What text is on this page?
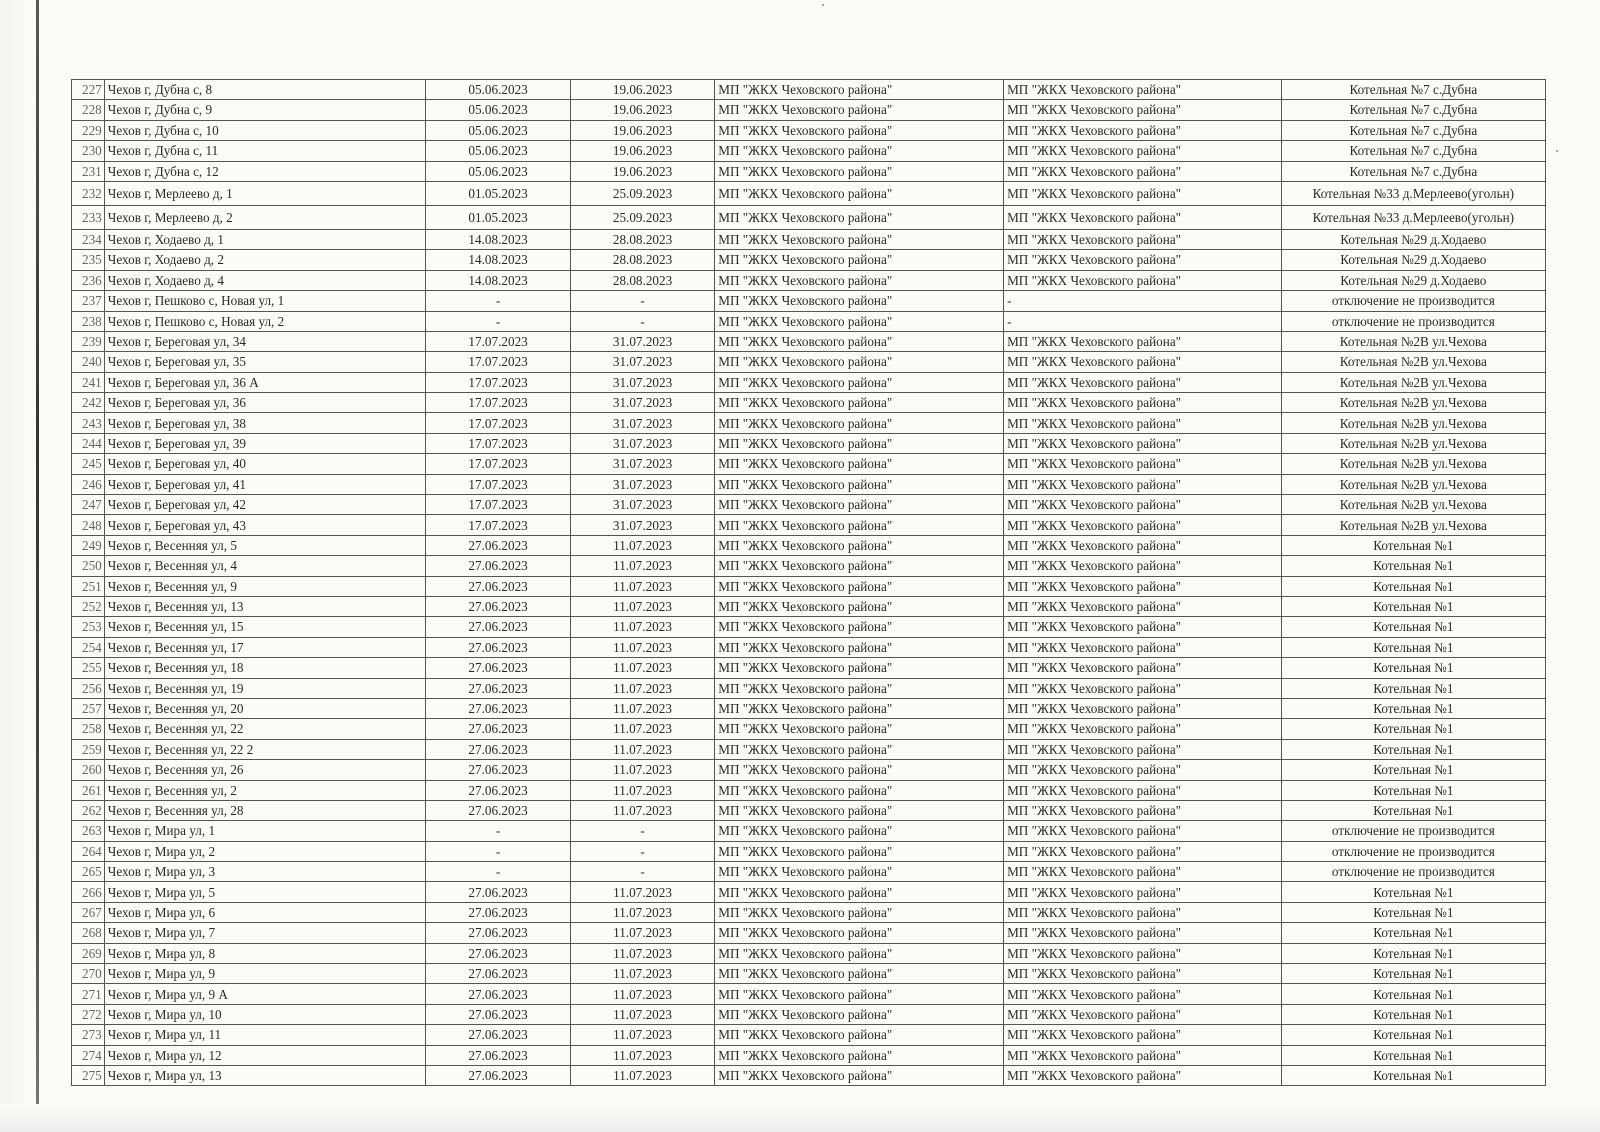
227	Чехов г, Дубна с, 8	05.06.2023	19.06.2023	МП "ЖКХ Чеховского района"	МП "ЖКХ Чеховского района"	Котельная №7 с.Дубна
228	Чехов г, Дубна с, 9	05.06.2023	19.06.2023	МП "ЖКХ Чеховского района"	МП "ЖКХ Чеховского района"	Котельная №7 с.Дубна
229	Чехов г, Дубна с, 10	05.06.2023	19.06.2023	МП "ЖКХ Чеховского района"	МП "ЖКХ Чеховского района"	Котельная №7 с.Дубна
230	Чехов г, Дубна с, 11	05.06.2023	19.06.2023	МП "ЖКХ Чеховского района"	МП "ЖКХ Чеховского района"	Котельная №7 с.Дубна
231	Чехов г, Дубна с, 12	05.06.2023	19.06.2023	МП "ЖКХ Чеховского района"	МП "ЖКХ Чеховского района"	Котельная №7 с.Дубна
232	Чехов г, Мерлеево д, 1	01.05.2023	25.09.2023	МП "ЖКХ Чеховского района"	МП "ЖКХ Чеховского района"	Котельная №33 д.Мерлеево(угольн)
233	Чехов г, Мерлеево д, 2	01.05.2023	25.09.2023	МП "ЖКХ Чеховского района"	МП "ЖКХ Чеховского района"	Котельная №33 д.Мерлеево(угольн)
234	Чехов г, Ходаево д, 1	14.08.2023	28.08.2023	МП "ЖКХ Чеховского района"	МП "ЖКХ Чеховского района"	Котельная №29 д.Ходаево
235	Чехов г, Ходаево д, 2	14.08.2023	28.08.2023	МП "ЖКХ Чеховского района"	МП "ЖКХ Чеховского района"	Котельная №29 д.Ходаево
236	Чехов г, Ходаево д, 4	14.08.2023	28.08.2023	МП "ЖКХ Чеховского района"	МП "ЖКХ Чеховского района"	Котельная №29 д.Ходаево
237	Чехов г, Пешково с, Новая ул, 1	-	-	МП "ЖКХ Чеховского района"	-	отключение не производится
238	Чехов г, Пешково с, Новая ул, 2	-	-	МП "ЖКХ Чеховского района"	-	отключение не производится
239	Чехов г, Береговая ул, 34	17.07.2023	31.07.2023	МП "ЖКХ Чеховского района"	МП "ЖКХ Чеховского района"	Котельная №2В ул.Чехова
240	Чехов г, Береговая ул, 35	17.07.2023	31.07.2023	МП "ЖКХ Чеховского района"	МП "ЖКХ Чеховского района"	Котельная №2В ул.Чехова
241	Чехов г, Береговая ул, 36 А	17.07.2023	31.07.2023	МП "ЖКХ Чеховского района"	МП "ЖКХ Чеховского района"	Котельная №2В ул.Чехова
242	Чехов г, Береговая ул, 36	17.07.2023	31.07.2023	МП "ЖКХ Чеховского района"	МП "ЖКХ Чеховского района"	Котельная №2В ул.Чехова
243	Чехов г, Береговая ул, 38	17.07.2023	31.07.2023	МП "ЖКХ Чеховского района"	МП "ЖКХ Чеховского района"	Котельная №2В ул.Чехова
244	Чехов г, Береговая ул, 39	17.07.2023	31.07.2023	МП "ЖКХ Чеховского района"	МП "ЖКХ Чеховского района"	Котельная №2В ул.Чехова
245	Чехов г, Береговая ул, 40	17.07.2023	31.07.2023	МП "ЖКХ Чеховского района"	МП "ЖКХ Чеховского района"	Котельная №2В ул.Чехова
246	Чехов г, Береговая ул, 41	17.07.2023	31.07.2023	МП "ЖКХ Чеховского района"	МП "ЖКХ Чеховского района"	Котельная №2В ул.Чехова
247	Чехов г, Береговая ул, 42	17.07.2023	31.07.2023	МП "ЖКХ Чеховского района"	МП "ЖКХ Чеховского района"	Котельная №2В ул.Чехова
248	Чехов г, Береговая ул, 43	17.07.2023	31.07.2023	МП "ЖКХ Чеховского района"	МП "ЖКХ Чеховского района"	Котельная №2В ул.Чехова
249	Чехов г, Весенняя ул, 5	27.06.2023	11.07.2023	МП "ЖКХ Чеховского района"	МП "ЖКХ Чеховского района"	Котельная №1
250	Чехов г, Весенняя ул, 4	27.06.2023	11.07.2023	МП "ЖКХ Чеховского района"	МП "ЖКХ Чеховского района"	Котельная №1
251	Чехов г, Весенняя ул, 9	27.06.2023	11.07.2023	МП "ЖКХ Чеховского района"	МП "ЖКХ Чеховского района"	Котельная №1
252	Чехов г, Весенняя ул, 13	27.06.2023	11.07.2023	МП "ЖКХ Чеховского района"	МП "ЖКХ Чеховского района"	Котельная №1
253	Чехов г, Весенняя ул, 15	27.06.2023	11.07.2023	МП "ЖКХ Чеховского района"	МП "ЖКХ Чеховского района"	Котельная №1
254	Чехов г, Весенняя ул, 17	27.06.2023	11.07.2023	МП "ЖКХ Чеховского района"	МП "ЖКХ Чеховского района"	Котельная №1
255	Чехов г, Весенняя ул, 18	27.06.2023	11.07.2023	МП "ЖКХ Чеховского района"	МП "ЖКХ Чеховского района"	Котельная №1
256	Чехов г, Весенняя ул, 19	27.06.2023	11.07.2023	МП "ЖКХ Чеховского района"	МП "ЖКХ Чеховского района"	Котельная №1
257	Чехов г, Весенняя ул, 20	27.06.2023	11.07.2023	МП "ЖКХ Чеховского района"	МП "ЖКХ Чеховского района"	Котельная №1
258	Чехов г, Весенняя ул, 22	27.06.2023	11.07.2023	МП "ЖКХ Чеховского района"	МП "ЖКХ Чеховского района"	Котельная №1
259	Чехов г, Весенняя ул, 22 2	27.06.2023	11.07.2023	МП "ЖКХ Чеховского района"	МП "ЖКХ Чеховского района"	Котельная №1
260	Чехов г, Весенняя ул, 26	27.06.2023	11.07.2023	МП "ЖКХ Чеховского района"	МП "ЖКХ Чеховского района"	Котельная №1
261	Чехов г, Весенняя ул, 2	27.06.2023	11.07.2023	МП "ЖКХ Чеховского района"	МП "ЖКХ Чеховского района"	Котельная №1
262	Чехов г, Весенняя ул, 28	27.06.2023	11.07.2023	МП "ЖКХ Чеховского района"	МП "ЖКХ Чеховского района"	Котельная №1
263	Чехов г, Мира ул, 1	-	-	МП "ЖКХ Чеховского района"	МП "ЖКХ Чеховского района"	отключение не производится
264	Чехов г, Мира ул, 2	-	-	МП "ЖКХ Чеховского района"	МП "ЖКХ Чеховского района"	отключение не производится
265	Чехов г, Мира ул, 3	-	-	МП "ЖКХ Чеховского района"	МП "ЖКХ Чеховского района"	отключение не производится
266	Чехов г, Мира ул, 5	27.06.2023	11.07.2023	МП "ЖКХ Чеховского района"	МП "ЖКХ Чеховского района"	Котельная №1
267	Чехов г, Мира ул, 6	27.06.2023	11.07.2023	МП "ЖКХ Чеховского района"	МП "ЖКХ Чеховского района"	Котельная №1
268	Чехов г, Мира ул, 7	27.06.2023	11.07.2023	МП "ЖКХ Чеховского района"	МП "ЖКХ Чеховского района"	Котельная №1
269	Чехов г, Мира ул, 8	27.06.2023	11.07.2023	МП "ЖКХ Чеховского района"	МП "ЖКХ Чеховского района"	Котельная №1
270	Чехов г, Мира ул, 9	27.06.2023	11.07.2023	МП "ЖКХ Чеховского района"	МП "ЖКХ Чеховского района"	Котельная №1
271	Чехов г, Мира ул, 9 А	27.06.2023	11.07.2023	МП "ЖКХ Чеховского района"	МП "ЖКХ Чеховского района"	Котельная №1
272	Чехов г, Мира ул, 10	27.06.2023	11.07.2023	МП "ЖКХ Чеховского района"	МП "ЖКХ Чеховского района"	Котельная №1
273	Чехов г, Мира ул, 11	27.06.2023	11.07.2023	МП "ЖКХ Чеховского района"	МП "ЖКХ Чеховского района"	Котельная №1
274	Чехов г, Мира ул, 12	27.06.2023	11.07.2023	МП "ЖКХ Чеховского района"	МП "ЖКХ Чеховского района"	Котельная №1
275	Чехов г, Мира ул, 13	27.06.2023	11.07.2023	МП "ЖКХ Чеховского района"	МП "ЖКХ Чеховского района"	Котельная №1
